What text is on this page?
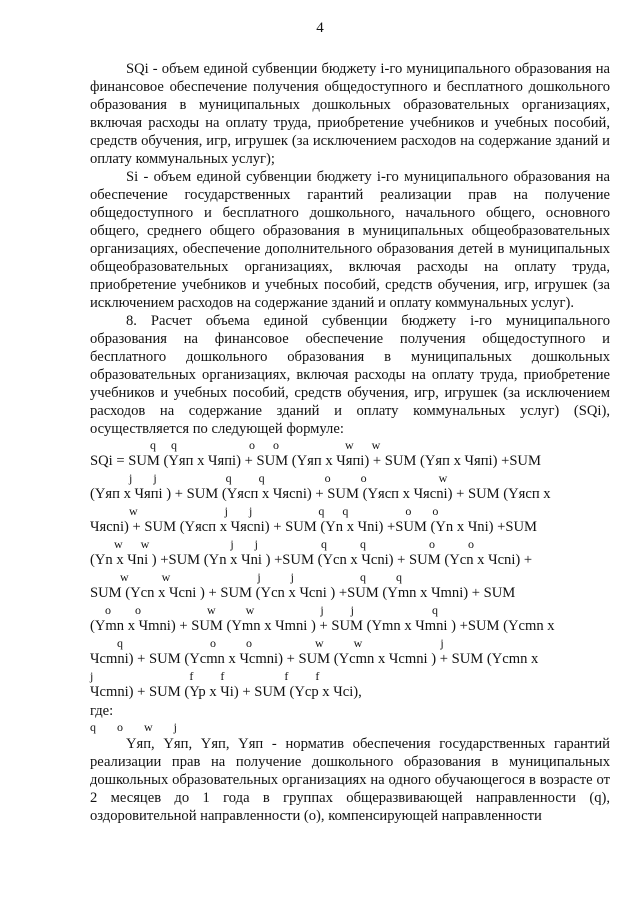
4

SQi - объем единой субвенции бюджету i-го муниципального образования на финансовое обеспечение получения общедоступного и бесплатного дошкольного образования в муниципальных дошкольных образовательных организациях, включая расходы на оплату труда, приобретение учебников и учебных пособий, средств обучения, игр, игрушек (за исключением расходов на содержание зданий и оплату коммунальных услуг);

Si - объем единой субвенции бюджету i-го муниципального образования на обеспечение государственных гарантий реализации прав на получение общедоступного и бесплатного дошкольного, начального общего, основного общего, среднего общего образования в муниципальных общеобразовательных организациях, обеспечение дополнительного образования детей в муниципальных общеобразовательных организациях, включая расходы на оплату труда, приобретение учебников и учебных пособий, средств обучения, игр, игрушек (за исключением расходов на содержание зданий и оплату коммунальных услуг).

8. Расчет объема единой субвенции бюджету i-го муниципального образования на финансовое обеспечение получения общедоступного и бесплатного дошкольного образования в муниципальных дошкольных образовательных организациях, включая расходы на оплату труда, приобретение учебников и учебных пособий, средств обучения, игр, игрушек (за исключением расходов на содержание зданий и оплату коммунальных услуг) (SQi), осуществляется по следующей формуле:

q     q                        o      o                      w      w

SQi = SUM (Yяп x Чяпi) + SUM (Yяп x Чяпi) + SUM (Yяп x Чяпi) +SUM

j       j                       q         q                    o          o                        w

(Yяп x Чяпi ) + SUM (Yясп x Чясni) + SUM (Yясп x Чясni) + SUM (Yясп x

w                             j       j                      q      q                   o       o

Чясni) + SUM (Yясп x Чясni) + SUM (Yn x Чni) +SUM (Yn x Чni) +SUM

w      w                           j       j                     q           q                     o           o

(Yn x Чni ) +SUM (Yn x Чni ) +SUM (Ycn x Чcni) + SUM (Ycn x Чcni) +

w           w                             j          j                      q          q

SUM (Ycn x Чcni ) + SUM (Ycn x Чcni ) +SUM (Ymn x Чmni) + SUM

o        o                      w          w                      j         j                          q

(Ymn x Чmni) + SUM (Ymn x Чmni ) + SUM (Ymn x Чmni ) +SUM (Ycmn x

q                             o          o                     w          w                          j

Чcmni) + SUM (Ycmn x Чcmni) + SUM (Ycmn x Чcmni ) + SUM (Ycmn x

j                                f         f                    f         f

Чcmni) + SUM (Yp x Чi) + SUM (Ycp x Чci),

где:

q       o       w       j

Yяп, Yяп, Yяп, Yяп - норматив обеспечения государственных гарантий реализации прав на получение дошкольного образования в муниципальных дошкольных образовательных организациях на одного обучающегося в возрасте от 2 месяцев до 1 года в группах общеразвивающей направленности (q), оздоровительной направленности (о), компенсирующей направленности
